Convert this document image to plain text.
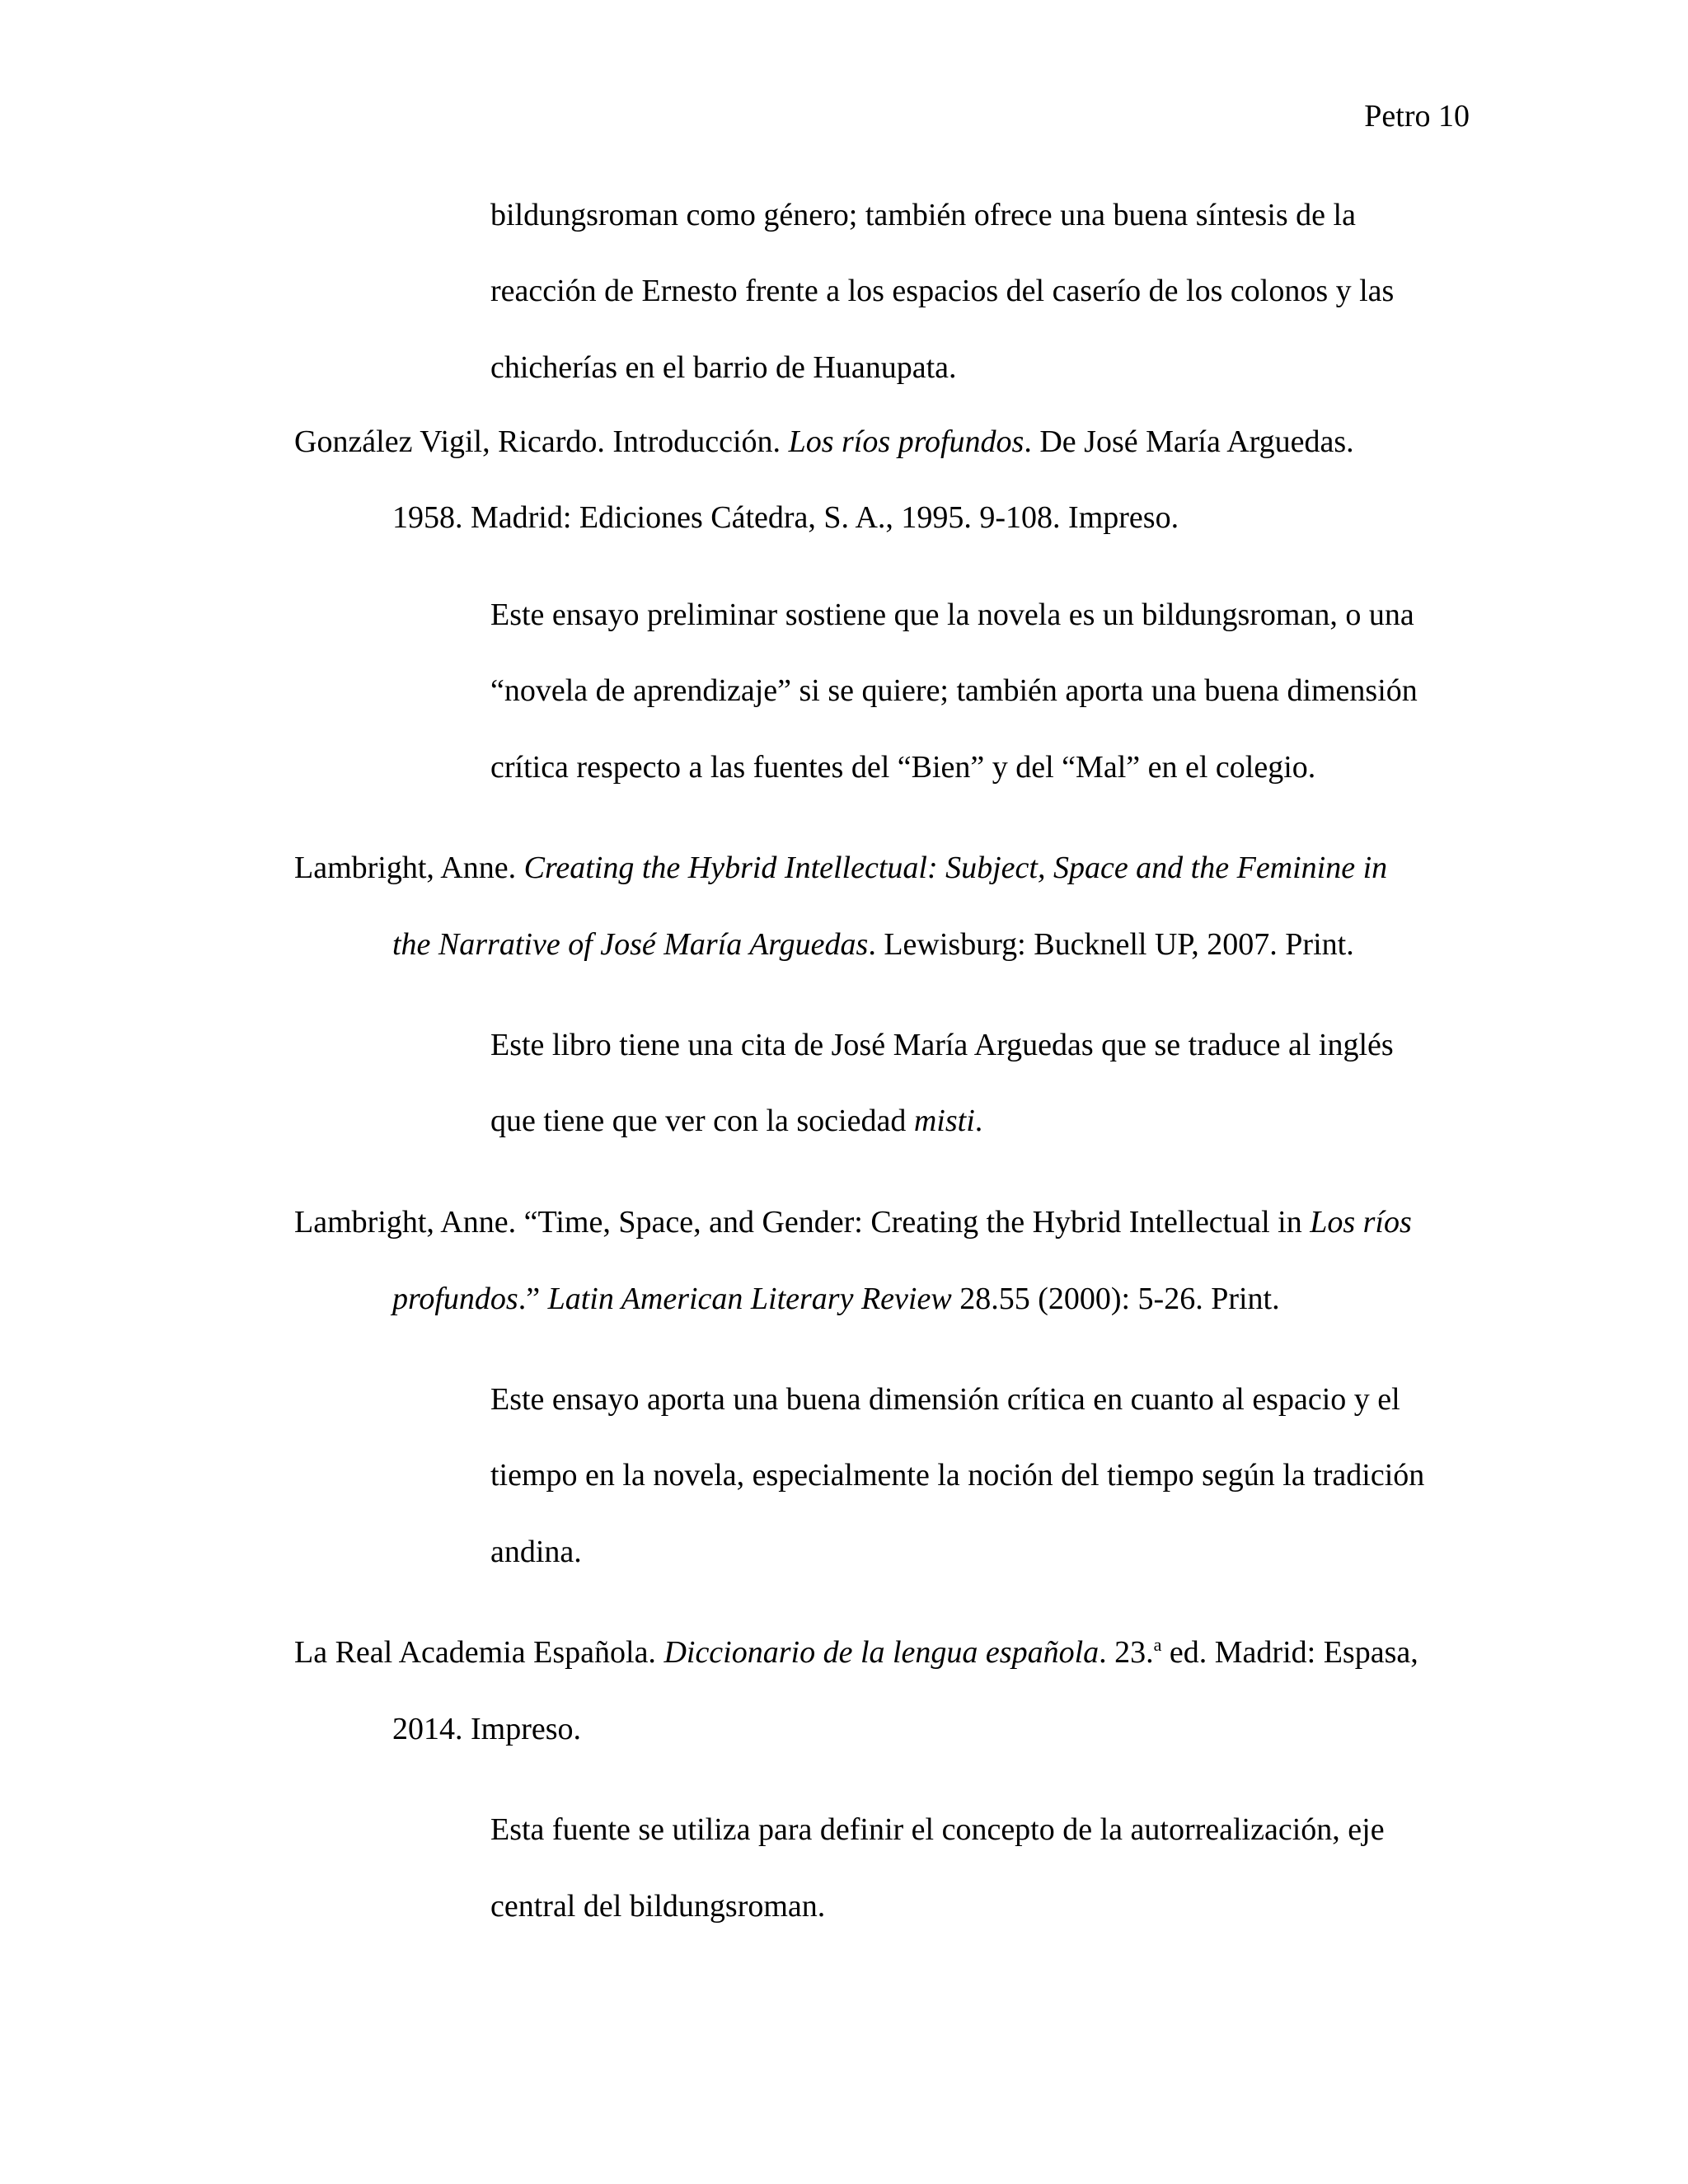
Petro 10
bildungsroman como género; también ofrece una buena síntesis de la
reacción de Ernesto frente a los espacios del caserío de los colonos y las
chicherías en el barrio de Huanupata.
González Vigil, Ricardo. Introducción. Los ríos profundos. De José María Arguedas.
1958. Madrid: Ediciones Cátedra, S. A., 1995. 9-108. Impreso.
Este ensayo preliminar sostiene que la novela es un bildungsroman, o una
“novela de aprendizaje” si se quiere; también aporta una buena dimensión
crítica respecto a las fuentes del “Bien” y del “Mal” en el colegio.
Lambright, Anne. Creating the Hybrid Intellectual: Subject, Space and the Feminine in
the Narrative of José María Arguedas. Lewisburg: Bucknell UP, 2007. Print.
Este libro tiene una cita de José María Arguedas que se traduce al inglés
que tiene que ver con la sociedad misti.
Lambright, Anne. “Time, Space, and Gender: Creating the Hybrid Intellectual in Los ríos
profundos.” Latin American Literary Review 28.55 (2000): 5-26. Print.
Este ensayo aporta una buena dimensión crítica en cuanto al espacio y el
tiempo en la novela, especialmente la noción del tiempo según la tradición
andina.
La Real Academia Española. Diccionario de la lengua española. 23.$^a$ ed. Madrid: Espasa,
2014. Impreso.
Esta fuente se utiliza para definir el concepto de la autorrealización, eje
central del bildungsroman.
